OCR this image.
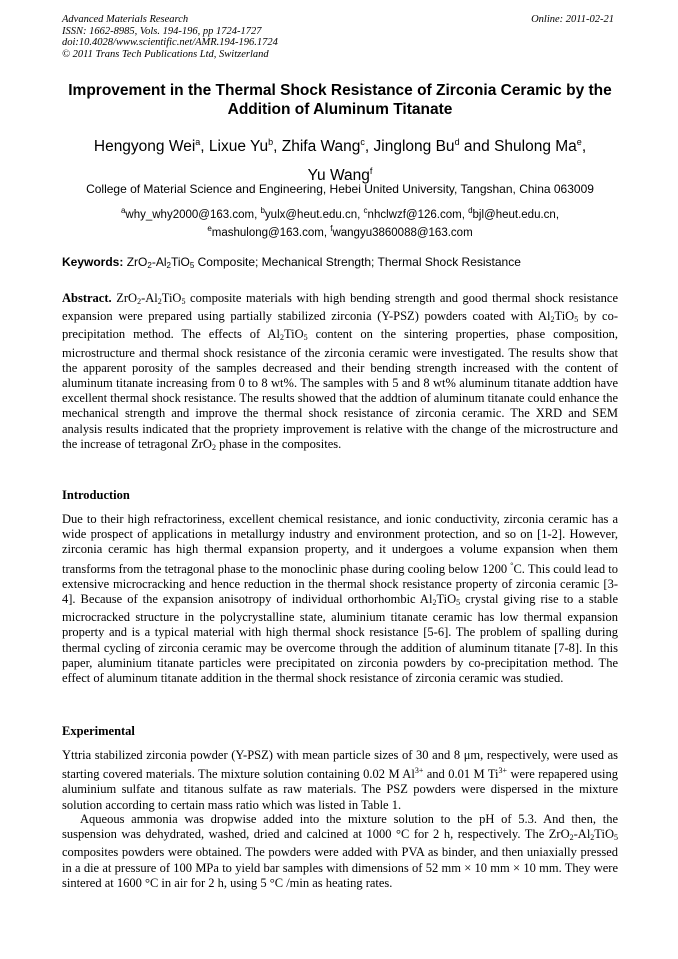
Advanced Materials Research
ISSN: 1662-8985, Vols. 194-196, pp 1724-1727
doi:10.4028/www.scientific.net/AMR.194-196.1724
© 2011 Trans Tech Publications Ltd, Switzerland
Online: 2011-02-21
Improvement in the Thermal Shock Resistance of Zirconia Ceramic by the Addition of Aluminum Titanate
Hengyong Wei$^a$, Lixue Yu$^b$, Zhifa Wang$^c$, Jinglong Bu$^d$ and Shulong Ma$^e$,
Yu Wang$^f$
College of Material Science and Engineering, Hebei United University, Tangshan, China 063009
$^a$why_why2000@163.com, $^b$yulx@heut.edu.cn, $^c$nhclwzf@126.com, $^d$bjl@heut.edu.cn,
$^e$mashulong@163.com, $^f$wangyu3860088@163.com
Keywords: $ZrO_2-Al_2TiO_5$ Composite; Mechanical Strength; Thermal Shock Resistance
Abstract. $ZrO_2-Al_2TiO_5$ composite materials with high bending strength and good thermal shock resistance expansion were prepared using partially stabilized zirconia (Y-PSZ) powders coated with $Al_2TiO_5$ by co-precipitation method. The effects of $Al_2TiO_5$ content on the sintering properties, phase composition, microstructure and thermal shock resistance of the zirconia ceramic were investigated. The results show that the apparent porosity of the samples decreased and their bending strength increased with the content of aluminum titanate increasing from 0 to 8 wt%. The samples with 5 and 8 wt% aluminum titanate addtion have excellent thermal shock resistance. The results showed that the addtion of aluminum titanate could enhance the mechanical strength and improve the thermal shock resistance of zirconia ceramic. The XRD and SEM analysis results indicated that the propriety improvement is relative with the change of the microstructure and the increase of tetragonal ZrO$_2$ phase in the composites.
Introduction
Due to their high refractoriness, excellent chemical resistance, and ionic conductivity, zirconia ceramic has a wide prospect of applications in metallurgy industry and environment protection, and so on [1-2]. However, zirconia ceramic has high thermal expansion property, and it undergoes a volume expansion when them transforms from the tetragonal phase to the monoclinic phase during cooling below 1200 °C. This could lead to extensive microcracking and hence reduction in the thermal shock resistance property of zirconia ceramic [3-4]. Because of the expansion anisotropy of individual orthorhombic $Al_2TiO_5$ crystal giving rise to a stable microcracked structure in the polycrystalline state, aluminium titanate ceramic has low thermal expansion property and is a typical material with high thermal shock resistance [5-6]. The problem of spalling during thermal cycling of zirconia ceramic may be overcome through the addition of aluminum titanate [7-8]. In this paper, aluminium titanate particles were precipitated on zirconia powders by co-precipitation method. The effect of aluminum titanate addition in the thermal shock resistance of zirconia ceramic was studied.
Experimental
Yttria stabilized zirconia powder (Y-PSZ) with mean particle sizes of 30 and 8 μm, respectively, were used as starting covered materials. The mixture solution containing 0.02 M $Al^{3+}$ and 0.01 M $Ti^{3+}$ were repapered using aluminium sulfate and titanous sulfate as raw materials. The PSZ powders were dispersed in the mixture solution according to certain mass ratio which was listed in Table 1.
Aqueous ammonia was dropwise added into the mixture solution to the pH of 5.3. And then, the suspension was dehydrated, washed, dried and calcined at 1000 °C for 2 h, respectively. The $ZrO_2-Al_2TiO_5$ composites powders were obtained. The powders were added with PVA as binder, and then uniaxially pressed in a die at pressure of 100 MPa to yield bar samples with dimensions of 52 mm × 10 mm × 10 mm. They were sintered at 1600 °C in air for 2 h, using 5 °C /min as heating rates.
